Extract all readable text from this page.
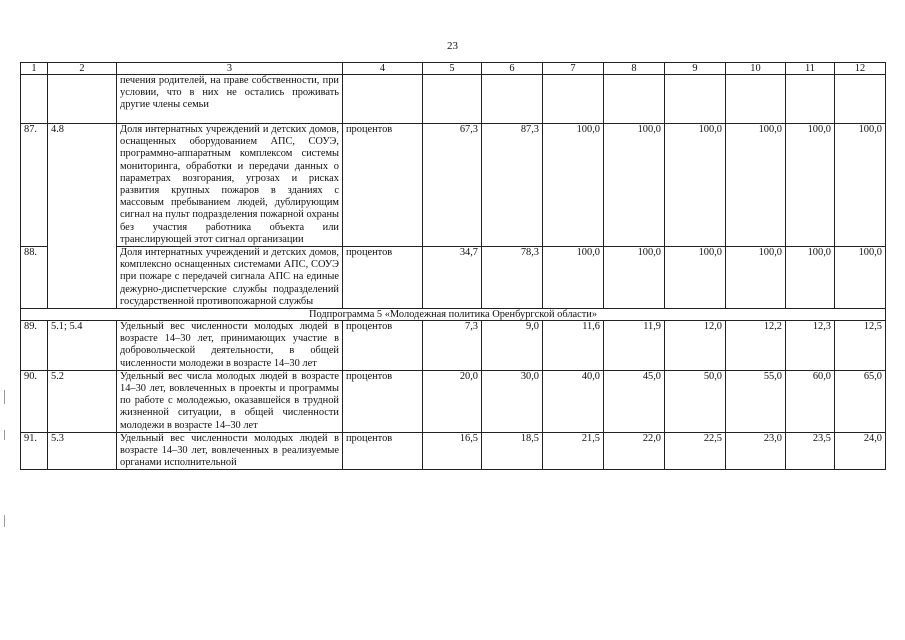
23
1	2	3	4	5	6	7	8	9	10	11	12
		печения родителей, на праве собственности, при условии, что в них не остались проживать другие члены семьи									
87.	4.8	Доля интернатных учреждений и детских домов, оснащенных оборудованием АПС, СОУЭ, программно-аппаратным комплексом системы мониторинга, обработки и передачи данных о параметрах возгорания, угрозах и рисках развития крупных пожаров в зданиях с массовым пребыванием людей, дублирующим сигнал на пульт подразделения пожарной охраны без участия работника объекта или транслирующей этот сигнал организации	процентов	67,3	87,3	100,0	100,0	100,0	100,0	100,0	100,0
88.		Доля интернатных учреждений и детских домов, комплексно оснащенных системами АПС, СОУЭ при пожаре с передачей сигнала АПС на единые дежурно-диспетчерские службы подразделений государственной противопожарной службы	процентов	34,7	78,3	100,0	100,0	100,0	100,0	100,0	100,0
Подпрограмма 5 «Молодежная политика Оренбургской области»											
89.	5.1; 5.4	Удельный вес численности молодых людей в возрасте 14–30 лет, принимающих участие в добровольческой деятельности, в общей численности молодежи в возрасте 14–30 лет	процентов	7,3	9,0	11,6	11,9	12,0	12,2	12,3	12,5
90.	5.2	Удельный вес числа молодых людей в возрасте 14–30 лет, вовлеченных в проекты и программы по работе с молодежью, оказавшейся в трудной жизненной ситуации, в общей численности молодежи в возрасте 14–30 лет	процентов	20,0	30,0	40,0	45,0	50,0	55,0	60,0	65,0
91.	5.3	Удельный вес численности молодых людей в возрасте 14–30 лет, вовлеченных в реализуемые органами исполнительной	процентов	16,5	18,5	21,5	22,0	22,5	23,0	23,5	24,0
